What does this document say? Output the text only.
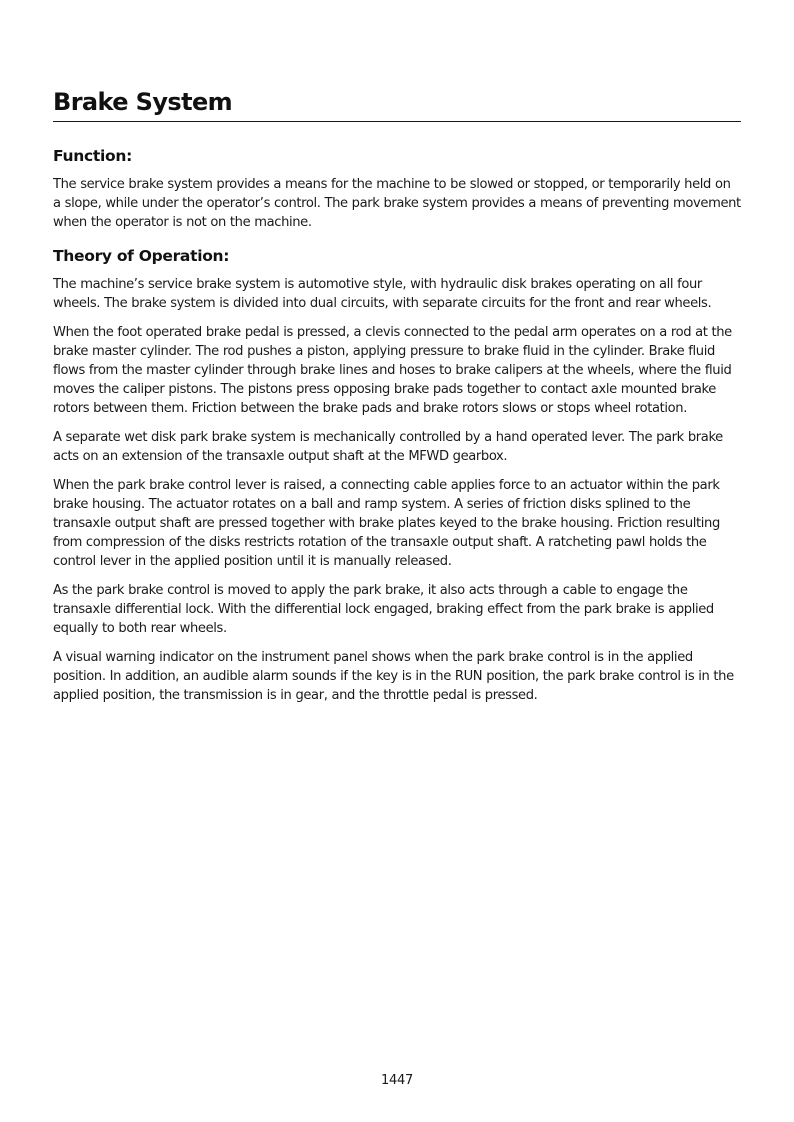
Brake System
Function:

The service brake system provides a means for the machine to be slowed or stopped, or temporarily held on a slope, while under the operator’s control. The park brake system provides a means of preventing movement when the operator is not on the machine.

Theory of Operation:

The machine’s service brake system is automotive style, with hydraulic disk brakes operating on all four wheels. The brake system is divided into dual circuits, with separate circuits for the front and rear wheels.

When the foot operated brake pedal is pressed, a clevis connected to the pedal arm operates on a rod at the brake master cylinder. The rod pushes a piston, applying pressure to brake fluid in the cylinder. Brake fluid flows from the master cylinder through brake lines and hoses to brake calipers at the wheels, where the fluid moves the caliper pistons. The pistons press opposing brake pads together to contact axle mounted brake rotors between them. Friction between the brake pads and brake rotors slows or stops wheel rotation.

A separate wet disk park brake system is mechanically controlled by a hand operated lever. The park brake acts on an extension of the transaxle output shaft at the MFWD gearbox.

When the park brake control lever is raised, a connecting cable applies force to an actuator within the park brake housing. The actuator rotates on a ball and ramp system. A series of friction disks splined to the transaxle output shaft are pressed together with brake plates keyed to the brake housing. Friction resulting from compression of the disks restricts rotation of the transaxle output shaft. A ratcheting pawl holds the control lever in the applied position until it is manually released.

As the park brake control is moved to apply the park brake, it also acts through a cable to engage the transaxle differential lock. With the differential lock engaged, braking effect from the park brake is applied equally to both rear wheels.

A visual warning indicator on the instrument panel shows when the park brake control is in the applied position. In addition, an audible alarm sounds if the key is in the RUN position, the park brake control is in the applied position, the transmission is in gear, and the throttle pedal is pressed.

1447
